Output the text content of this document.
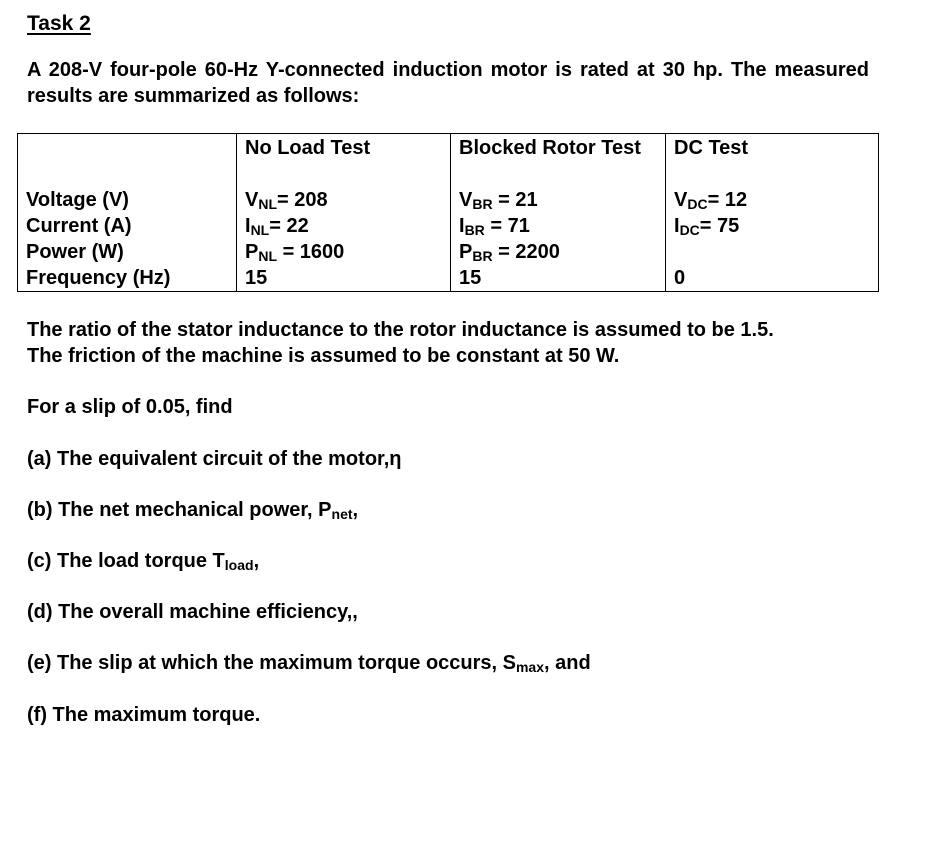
Task 2
A 208-V four-pole 60-Hz Y-connected induction motor is rated at 30 hp. The measured results are summarized as follows:
	No Load Test	Blocked Rotor Test	DC Test
Voltage (V)	$V_{NL}= 208$	$V_{BR} = 21$	$V_{DC}= 12$
Current (A)	$I_{NL}= 22$	$I_{BR} = 71$	$I_{DC}= 75$
Power (W)	$P_{NL} = 1600$	$P_{BR} = 2200$	
Frequency (Hz)	15	15	0
The ratio of the stator inductance to the rotor inductance is assumed to be 1.5.
The friction of the machine is assumed to be constant at 50 W.
For a slip of 0.05, find
(a) The equivalent circuit of the motor,η
(b) The net mechanical power, $P_{net}$,
(c) The load torque $T_{load}$,
(d) The overall machine efficiency,,
(e) The slip at which the maximum torque occurs, $S_{max}$, and
(f) The maximum torque.
